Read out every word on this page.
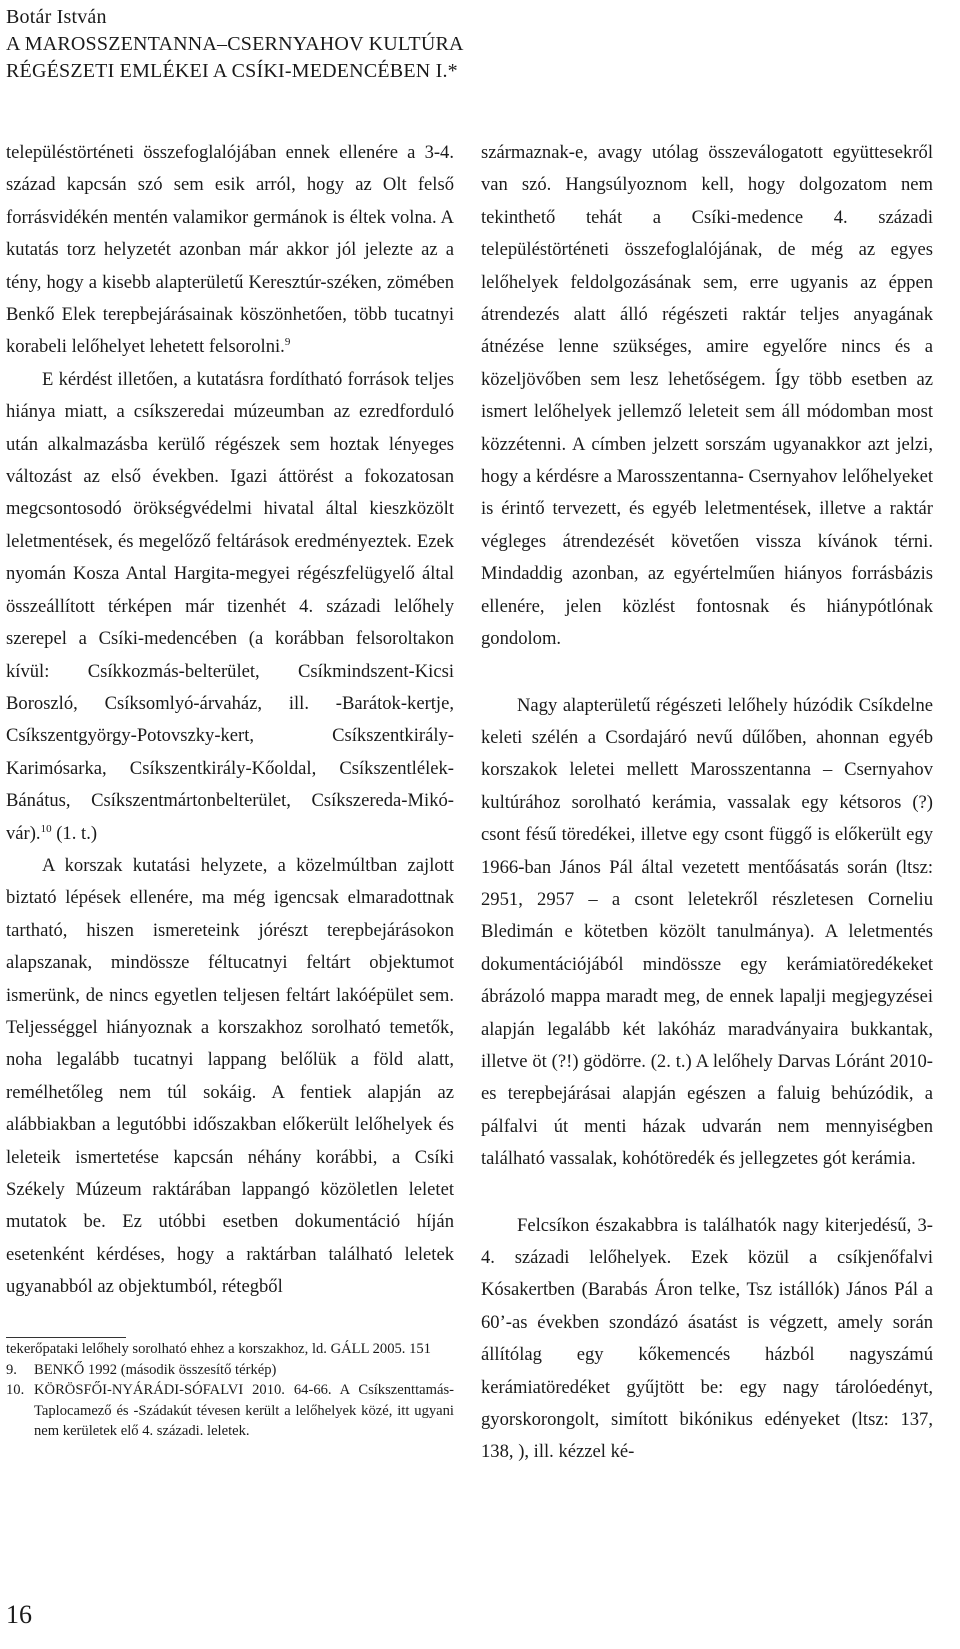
Botár István
A MAROSSZENTANNA–CSERNYAHOV KULTÚRA
RÉGÉSZETI EMLÉKEI A CSÍKI-MEDENCÉBEN I.*

településtörténeti összefoglalójában ennek ellenére a 3-4. század kapcsán szó sem esik arról, hogy az Olt felső forrásvidékén mentén valamikor germánok is éltek volna. A kutatás torz helyzetét azonban már akkor jól jelezte az a tény, hogy a kisebb alapterületű Keresztúr-széken, zömében Benkő Elek terepbejárásainak köszönhetően, több tucatnyi korabeli lelőhelyet lehetett felsorolni.$^9$

E kérdést illetően, a kutatásra fordítható források teljes hiánya miatt, a csíkszeredai múzeumban az ezredforduló után alkalmazásba kerülő régészek sem hoztak lényeges változást az első években. Igazi áttörést a fokozatosan megcsontosodó örökségvédelmi hivatal által kieszközölt leletmentések, és megelőző feltárások eredményeztek. Ezek nyomán Kosza Antal Hargita-megyei régészfelügyelő által összeállított térképen már tizenhét 4. századi lelőhely szerepel a Csíki-medencében (a korábban felsoroltakon kívül: Csíkkozmás-belterület, Csíkmindszent-Kicsi Boroszló, Csíksomlyó-árvaház, ill. -Barátok-kertje, Csíkszentgyörgy-Potovszky-kert, Csíkszentkirály-Karimósarka, Csíkszentkirály-Kőoldal, Csíkszentlélek-Bánátus, Csíkszentmártonbelterület, Csíkszereda-Mikó-vár).$^{10}$ (1. t.)

A korszak kutatási helyzete, a közelmúltban zajlott biztató lépések ellenére, ma még igencsak elmaradottnak tartható, hiszen ismereteink jórészt terepbejárásokon alapszanak, mindössze féltucatnyi feltárt objektumot ismerünk, de nincs egyetlen teljesen feltárt lakóépület sem. Teljességgel hiányoznak a korszakhoz sorolható temetők, noha legalább tucatnyi lappang belőlük a föld alatt, remélhetőleg nem túl sokáig. A fentiek alapján az alábbiakban a legutóbbi időszakban előkerült lelőhelyek és leleteik ismertetése kapcsán néhány korábbi, a Csíki Székely Múzeum raktárában lappangó közöletlen leletet mutatok be. Ez utóbbi esetben dokumentáció híján esetenként kérdéses, hogy a raktárban található leletek ugyanabból az objektumból, rétegből

tekerőpataki lelőhely sorolható ehhez a korszakhoz, ld. GÁLL 2005. 151
9.	BENKŐ 1992 (második összesítő térkép)
10. KÖRÖSFŐI-NYÁRÁDI-SÓFALVI 2010. 64-66. A Csíkszenttamás-Taplocamező és -Szádakút tévesen került a lelőhelyek közé, itt ugyani nem kerületek elő 4. századi. leletek.

származnak-e, avagy utólag összeválogatott együttesekről van szó. Hangsúlyoznom kell, hogy dolgozatom nem tekinthető tehát a Csíki-medence 4. századi településtörténeti összefoglalójának, de még az egyes lelőhelyek feldolgozásának sem, erre ugyanis az éppen átrendezés alatt álló régészeti raktár teljes anyagának átnézése lenne szükséges, amire egyelőre nincs és a közeljövőben sem lesz lehetőségem. Így több esetben az ismert lelőhelyek jellemző leleteit sem áll módomban most közzétenni. A címben jelzett sorszám ugyanakkor azt jelzi, hogy a kérdésre a Marosszentanna- Csernyahov lelőhelyeket is érintő tervezett, és egyéb leletmentések, illetve a raktár végleges átrendezését követően vissza kívánok térni. Mindaddig azonban, az egyértelműen hiányos forrásbázis ellenére, jelen közlést fontosnak és hiánypótlónak gondolom.

Nagy alapterületű régészeti lelőhely húzódik Csíkdelne keleti szélén a Csordajáró nevű dűlőben, ahonnan egyéb korszakok leletei mellett Marosszentanna – Csernyahov kultúrához sorolható kerámia, vassalak egy kétsoros (?) csont fésű töredékei, illetve egy csont függő is előkerült egy 1966-ban János Pál által vezetett mentőásatás során (ltsz: 2951, 2957 – a csont leletekről részletesen Corneliu Bledimán e kötetben közölt tanulmánya). A leletmentés dokumentációjából mindössze egy kerámiatöredékeket ábrázoló mappa maradt meg, de ennek lapalji megjegyzései alapján legalább két lakóház maradványaira bukkantak, illetve öt (?!) gödörre. (2. t.) A lelőhely Darvas Lóránt 2010-es terepbejárásai alapján egészen a faluig behúzódik, a pálfalvi út menti házak udvarán nem mennyiségben található vassalak, kohótöredék és jellegzetes gót kerámia.

Felcsíkon északabbra is találhatók nagy kiterjedésű, 3-4. századi lelőhelyek. Ezek közül a csíkjenőfalvi Kósakertben (Barabás Áron telke, Tsz istállók) János Pál a 60’-as években szondázó ásatást is végzett, amely során állítólag egy kőkemencés házból nagyszámú kerámiatöredéket gyűjtött be: egy nagy tárolóedényt, gyorskorongolt, simított bikónikus edényeket (ltsz: 137, 138, ), ill. kézzel ké-

16
